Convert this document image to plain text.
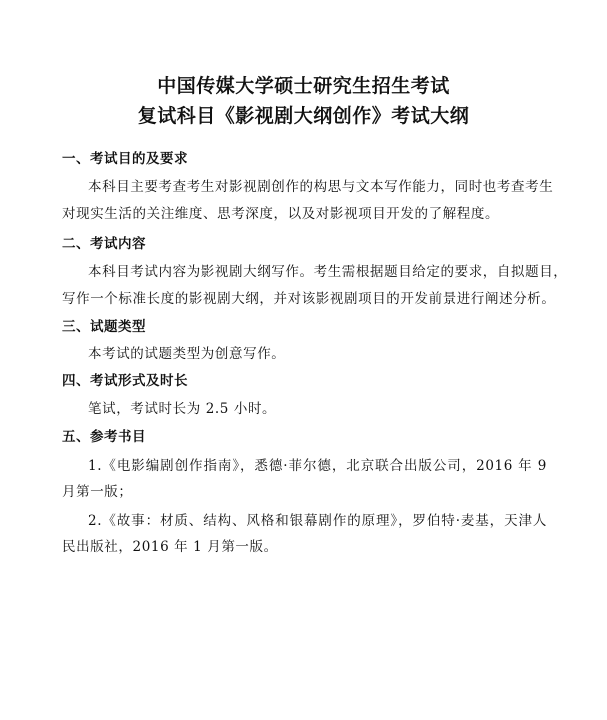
中国传媒大学硕士研究生招生考试
复试科目《影视剧大纲创作》考试大纲
一、考试目的及要求
本科目主要考查考生对影视剧创作的构思与文本写作能力，同时也考查考生
对现实生活的关注维度、思考深度，以及对影视项目开发的了解程度。
二、考试内容
本科目考试内容为影视剧大纲写作。考生需根据题目给定的要求，自拟题目，
写作一个标准长度的影视剧大纲，并对该影视剧项目的开发前景进行阐述分析。
三、试题类型
本考试的试题类型为创意写作。
四、考试形式及时长
笔试，考试时长为 2.5 小时。
五、参考书目
1.《电影编剧创作指南》，悉德·菲尔德，北京联合出版公司，2016 年 9
月第一版；
2.《故事：材质、结构、风格和银幕剧作的原理》，罗伯特·麦基，天津人
民出版社，2016 年 1 月第一版。
